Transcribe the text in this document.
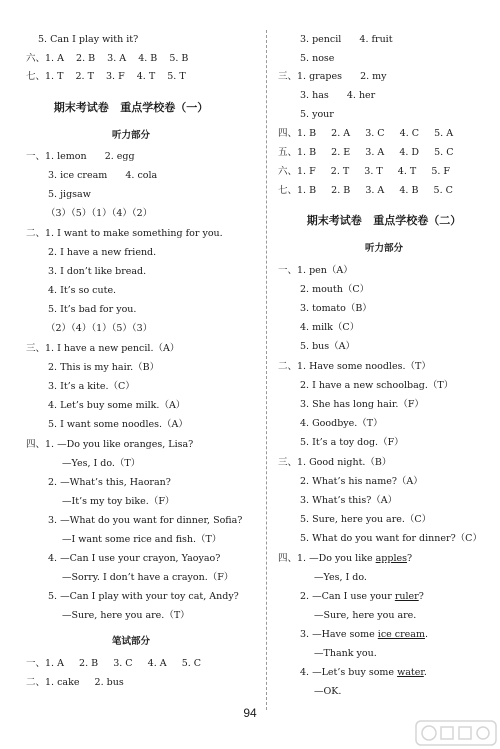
5. Can I play with it?
六、1. A    2. B    3. A    4. B    5. B
七、1. T    2. T    3. F    4. T    5. T
期末考试卷   重点学校卷（一）
听力部分
一、1. lemon      2. egg
3. ice cream      4. cola
5. jigsaw
（3）（5）（1）（4）（2）
二、1. I want to make something for you.
2. I have a new friend.
3. I don’t like bread.
4. It’s so cute.
5. It’s bad for you.
（2）（4）（1）（5）（3）
三、1. I have a new pencil.（A）
2. This is my hair.（B）
3. It’s a kite.（C）
4. Let’s buy some milk.（A）
5. I want some noodles.（A）
四、1. —Do you like oranges, Lisa?
—Yes, I do.（T）
2. —What’s this, Haoran?
—It’s my toy bike.（F）
3. —What do you want for dinner, Sofia?
—I want some rice and fish.（T）
4. —Can I use your crayon, Yaoyao?
—Sorry. I don’t have a crayon.（F）
5. —Can I play with your toy cat, Andy?
—Sure, here you are.（T）
笔试部分
一、1. A     2. B     3. C     4. A     5. C
二、1. cake     2. bus
3. pencil      4. fruit
5. nose
三、1. grapes      2. my
3. has      4. her
5. your
四、1. B     2. A     3. C     4. C     5. A
五、1. B     2. E     3. A     4. D     5. C
六、1. F     2. T     3. T     4. T     5. F
七、1. B     2. B     3. A     4. B     5. C
期末考试卷   重点学校卷（二）
听力部分
一、1. pen（A）
2. mouth（C）
3. tomato（B）
4. milk（C）
5. bus（A）
二、1. Have some noodles.（T）
2. I have a new schoolbag.（T）
3. She has long hair.（F）
4. Goodbye.（T）
5. It’s a toy dog.（F）
三、1. Good night.（B）
2. What’s his name?（A）
3. What’s this?（A）
5. Sure, here you are.（C）
5. What do you want for dinner?（C）
四、1. —Do you like apples?
—Yes, I do.
2. —Can I use your ruler?
—Sure, here you are.
3. —Have some ice cream.
—Thank you.
4. —Let’s buy some water.
—OK.
94
